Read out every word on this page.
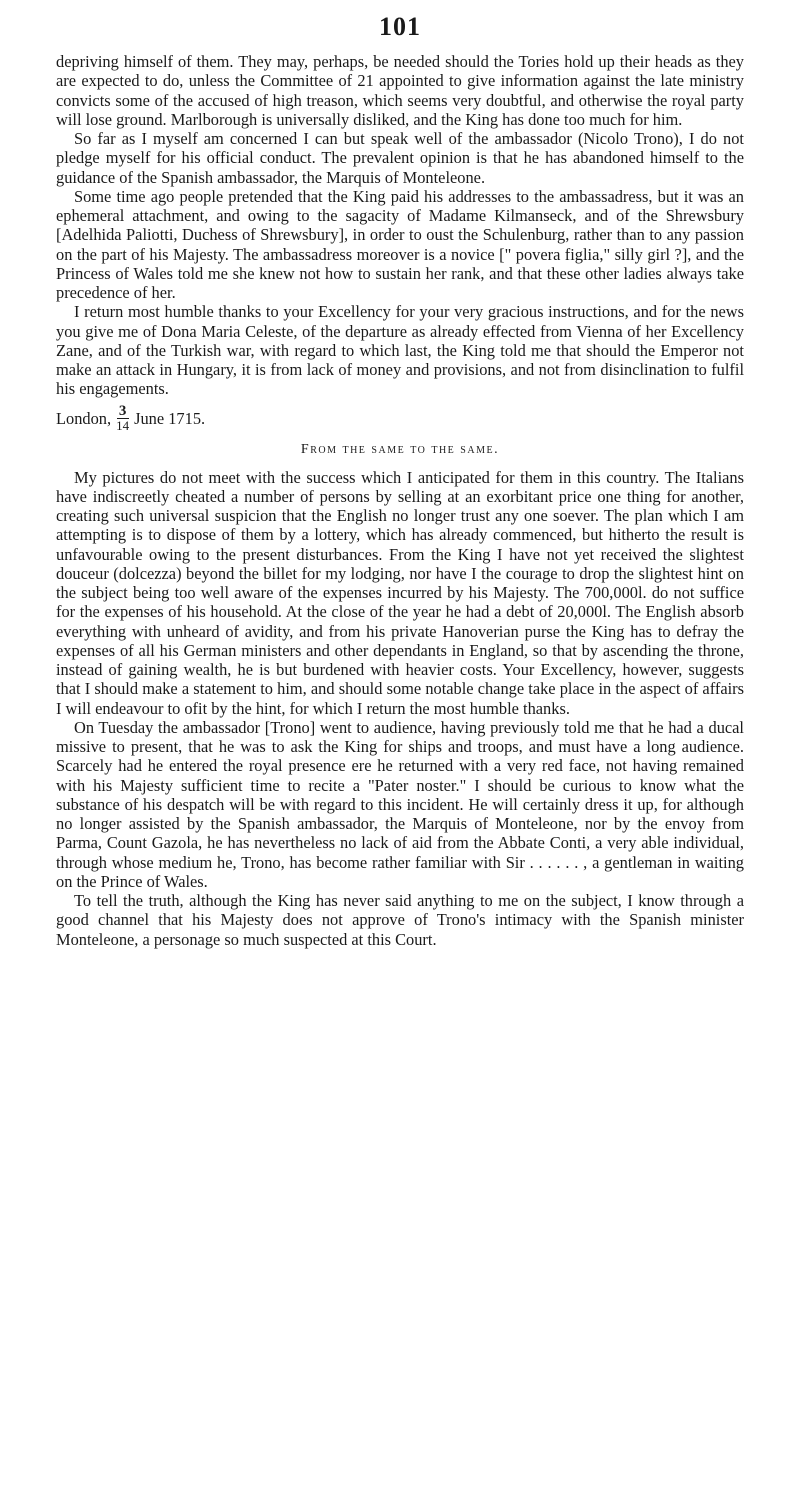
101

depriving himself of them. They may, perhaps, be needed should the Tories hold up their heads as they are expected to do, unless the Committee of 21 appointed to give information against the late ministry convicts some of the accused of high treason, which seems very doubtful, and otherwise the royal party will lose ground. Marlborough is universally disliked, and the King has done too much for him.

So far as I myself am concerned I can but speak well of the ambassador (Nicolo Trono), I do not pledge myself for his official conduct. The prevalent opinion is that he has abandoned himself to the guidance of the Spanish ambassador, the Marquis of Monteleone.

Some time ago people pretended that the King paid his addresses to the ambassadress, but it was an ephemeral attachment, and owing to the sagacity of Madame Kilmanseck, and of the Shrewsbury [Adelhida Paliotti, Duchess of Shrewsbury], in order to oust the Schulenburg, rather than to any passion on the part of his Majesty. The ambassadress moreover is a novice [" povera figlia," silly girl ?], and the Princess of Wales told me she knew not how to sustain her rank, and that these other ladies always take precedence of her.

I return most humble thanks to your Excellency for your very gracious instructions, and for the news you give me of Dona Maria Celeste, of the departure as already effected from Vienna of her Excellency Zane, and of the Turkish war, with regard to which last, the King told me that should the Emperor not make an attack in Hungary, it is from lack of money and provisions, and not from disinclination to fulfil his engagements.

London, $\frac{3}{14}$ June 1715.
From the same to the same.

My pictures do not meet with the success which I anticipated for them in this country. The Italians have indiscreetly cheated a number of persons by selling at an exorbitant price one thing for another, creating such universal suspicion that the English no longer trust any one soever. The plan which I am attempting is to dispose of them by a lottery, which has already commenced, but hitherto the result is unfavourable owing to the present disturbances. From the King I have not yet received the slightest douceur (dolcezza) beyond the billet for my lodging, nor have I the courage to drop the slightest hint on the subject being too well aware of the expenses incurred by his Majesty. The 700,000l. do not suffice for the expenses of his household. At the close of the year he had a debt of 20,000l. The English absorb everything with unheard of avidity, and from his private Hanoverian purse the King has to defray the expenses of all his German ministers and other dependants in England, so that by ascending the throne, instead of gaining wealth, he is but burdened with heavier costs. Your Excellency, however, suggests that I should make a statement to him, and should some notable change take place in the aspect of affairs I will endeavour to ofit by the hint, for which I return the most humble thanks.

On Tuesday the ambassador [Trono] went to audience, having previously told me that he had a ducal missive to present, that he was to ask the King for ships and troops, and must have a long audience. Scarcely had he entered the royal presence ere he returned with a very red face, not having remained with his Majesty sufficient time to recite a "Pater noster." I should be curious to know what the substance of his despatch will be with regard to this incident. He will certainly dress it up, for although no longer assisted by the Spanish ambassador, the Marquis of Monteleone, nor by the envoy from Parma, Count Gazola, he has nevertheless no lack of aid from the Abbate Conti, a very able individual, through whose medium he, Trono, has become rather familiar with Sir . . . . . . , a gentleman in waiting on the Prince of Wales.

To tell the truth, although the King has never said anything to me on the subject, I know through a good channel that his Majesty does not approve of Trono's intimacy with the Spanish minister Monteleone, a personage so much suspected at this Court.
